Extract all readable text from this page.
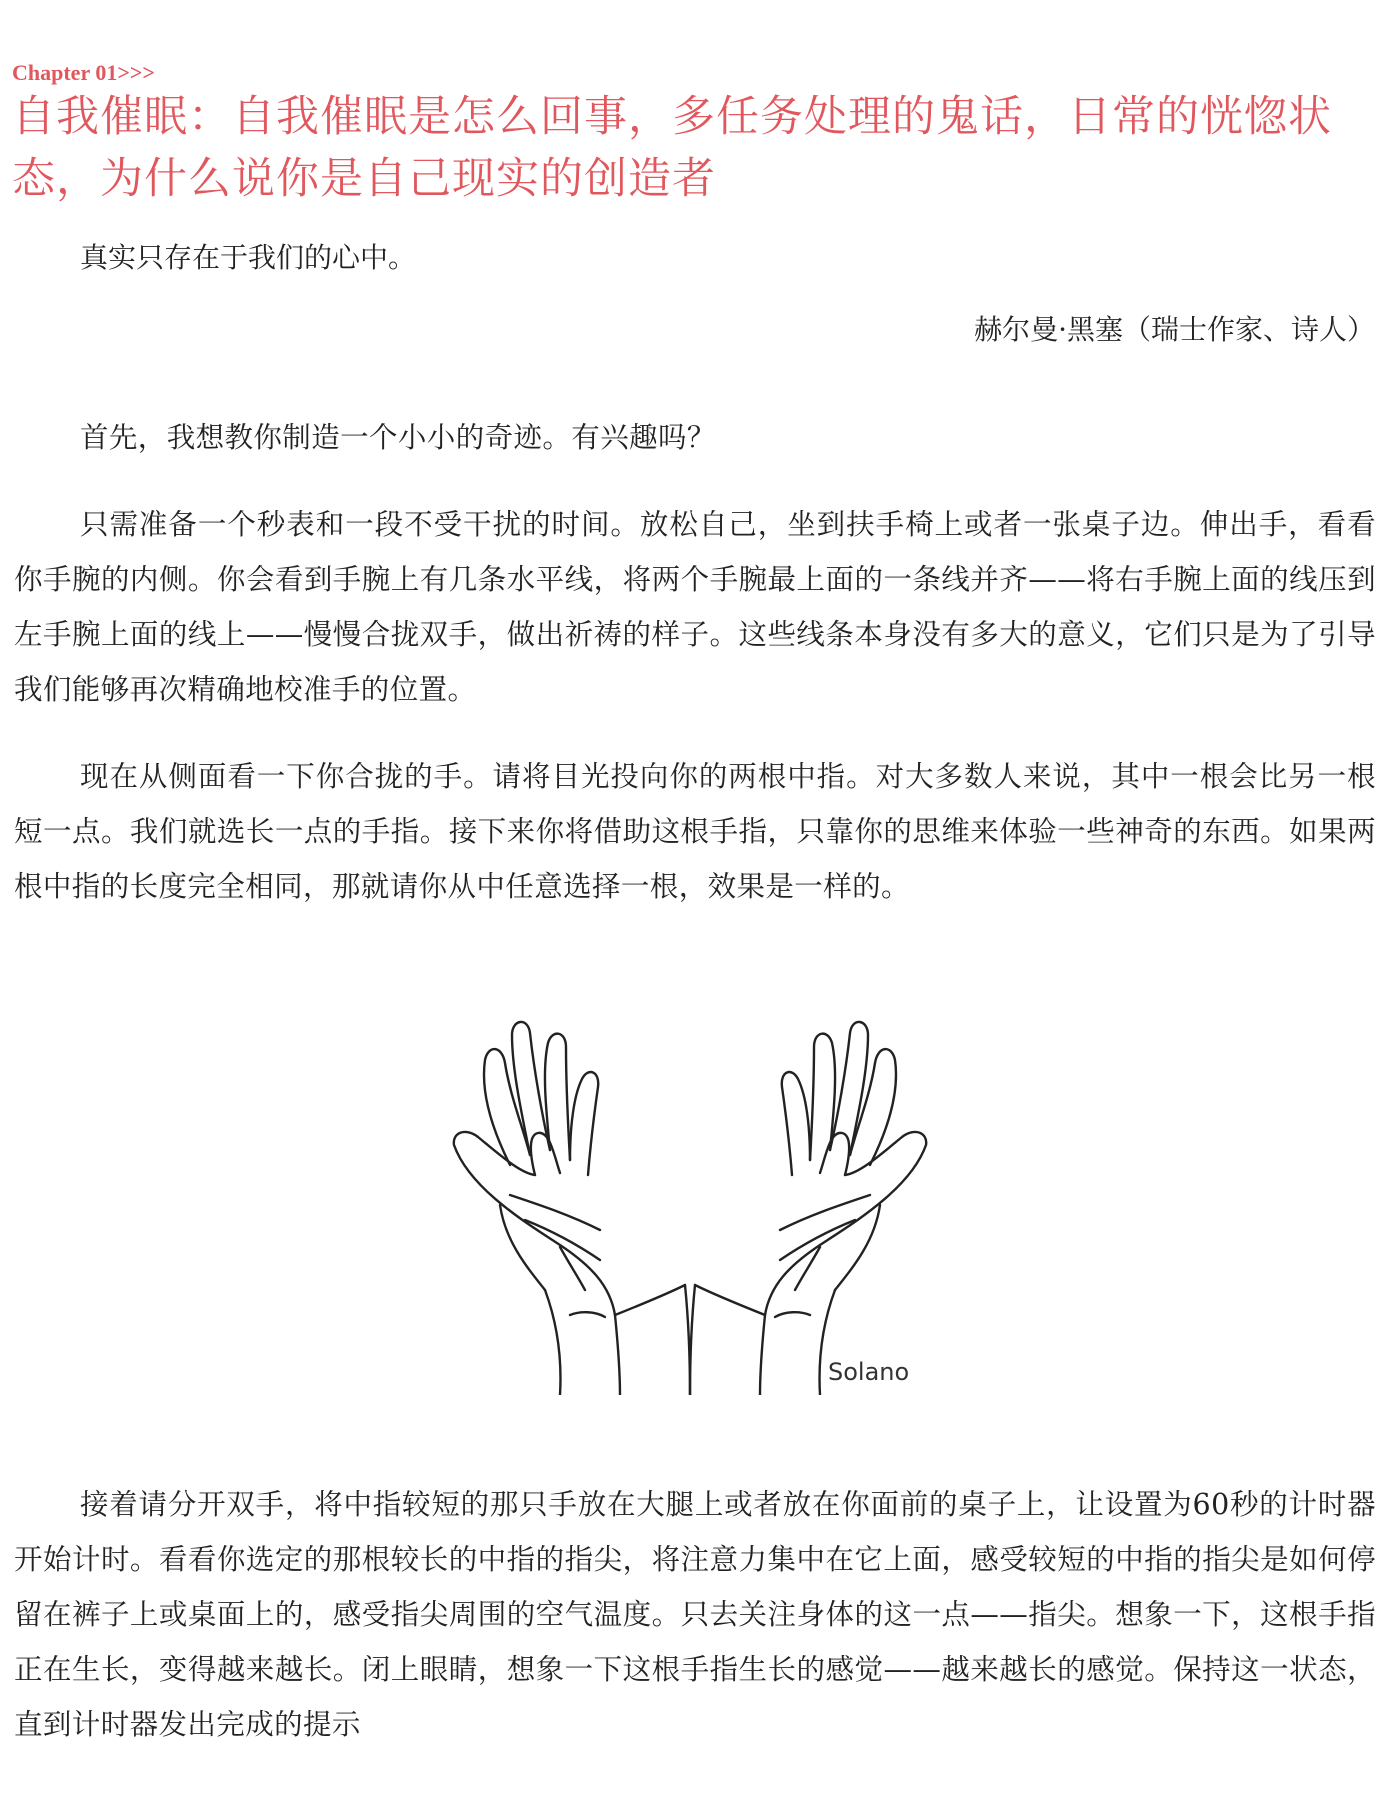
Chapter 01>>>
自我催眠：自我催眠是怎么回事，多任务处理的鬼话，日常的恍惚状态，为什么说你是自己现实的创造者
真实只存在于我们的心中。
赫尔曼·黑塞（瑞士作家、诗人）

首先，我想教你制造一个小小的奇迹。有兴趣吗？

只需准备一个秒表和一段不受干扰的时间。放松自己，坐到扶手椅上或者一张桌子边。伸出手，看看你手腕的内侧。你会看到手腕上有几条水平线，将两个手腕最上面的一条线并齐——将右手腕上面的线压到左手腕上面的线上——慢慢合拢双手，做出祈祷的样子。这些线条本身没有多大的意义，它们只是为了引导我们能够再次精确地校准手的位置。

现在从侧面看一下你合拢的手。请将目光投向你的两根中指。对大多数人来说，其中一根会比另一根短一点。我们就选长一点的手指。接下来你将借助这根手指，只靠你的思维来体验一些神奇的东西。如果两根中指的长度完全相同，那就请你从中任意选择一根，效果是一样的。

Solano

接着请分开双手，将中指较短的那只手放在大腿上或者放在你面前的桌子上，让设置为60秒的计时器开始计时。看看你选定的那根较长的中指的指尖，将注意力集中在它上面，感受较短的中指的指尖是如何停留在裤子上或桌面上的，感受指尖周围的空气温度。只去关注身体的这一点——指尖。想象一下，这根手指正在生长，变得越来越长。闭上眼睛，想象一下这根手指生长的感觉——越来越长的感觉。保持这一状态，直到计时器发出完成的提示
